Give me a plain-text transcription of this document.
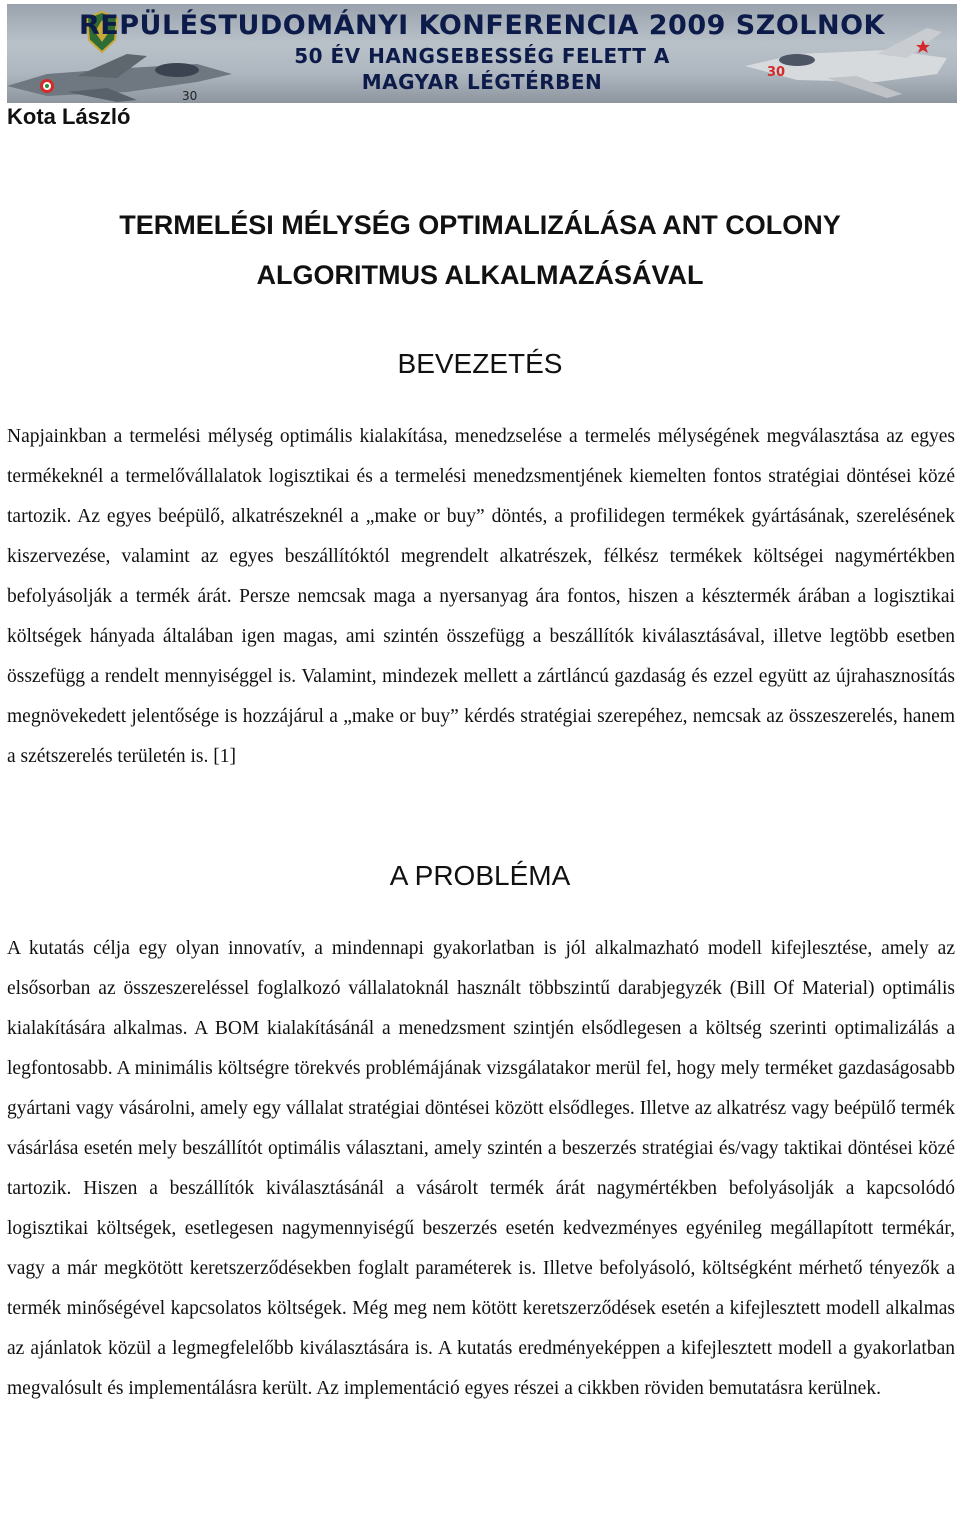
30
30
REPÜLÉSTUDOMÁNYI KONFERENCIA 2009 SZOLNOK
50 ÉV HANGSEBESSÉG FELETT A
MAGYAR LÉGTÉRBEN
Kota László
TERMELÉSI MÉLYSÉG OPTIMALIZÁLÁSA ANT COLONY
ALGORITMUS ALKALMAZÁSÁVAL
BEVEZETÉS

Napjainkban a termelési mélység optimális kialakítása, menedzselése a termelés mélységének megválasztása az egyes termékeknél a termelővállalatok logisztikai és a termelési menedzsmentjének kiemelten fontos stratégiai döntései közé tartozik. Az egyes beépülő, alkatrészeknél a „make or buy” döntés, a profilidegen termékek gyártásának, szerelésének kiszervezése, valamint az egyes beszállítóktól megrendelt alkatrészek, félkész termékek költségei nagymértékben befolyásolják a termék árát. Persze nemcsak maga a nyersanyag ára fontos, hiszen a késztermék árában a logisztikai költségek hányada általában igen magas, ami szintén összefügg a beszállítók kiválasztásával, illetve legtöbb esetben összefügg a rendelt mennyiséggel is. Valamint, mindezek mellett a zártláncú gazdaság és ezzel együtt az újrahasznosítás megnövekedett jelentősége is hozzájárul a „make or buy” kérdés stratégiai szerepéhez, nemcsak az összeszerelés, hanem a szétszerelés területén is. [1]

A PROBLÉMA

A kutatás célja egy olyan innovatív, a mindennapi gyakorlatban is jól alkalmazható modell kifejlesztése, amely az elsősorban az összeszereléssel foglalkozó vállalatoknál használt többszintű darabjegyzék (Bill Of Material) optimális kialakítására alkalmas. A BOM kialakításánál a menedzsment szintjén elsődlegesen a költség szerinti optimalizálás a legfontosabb. A minimális költségre törekvés problémájának vizsgálatakor merül fel, hogy mely terméket gazdaságosabb gyártani vagy vásárolni, amely egy vállalat stratégiai döntései között elsődleges. Illetve az alkatrész vagy beépülő termék vásárlása esetén mely beszállítót optimális választani, amely szintén a beszerzés stratégiai és/vagy taktikai döntései közé tartozik. Hiszen a beszállítók kiválasztásánál a vásárolt termék árát nagymértékben befolyásolják a kapcsolódó logisztikai költségek, esetlegesen nagymennyiségű beszerzés esetén kedvezményes egyénileg megállapított termékár, vagy a már megkötött keretszerződésekben foglalt paraméterek is. Illetve befolyásoló, költségként mérhető tényezők a termék minőségével kapcsolatos költségek. Még meg nem kötött keretszerződések esetén a kifejlesztett modell alkalmas az ajánlatok közül a legmegfelelőbb kiválasztására is. A kutatás eredményeképpen a kifejlesztett modell a gyakorlatban megvalósult és implementálásra került. Az implementáció egyes részei a cikkben röviden bemutatásra kerülnek.
